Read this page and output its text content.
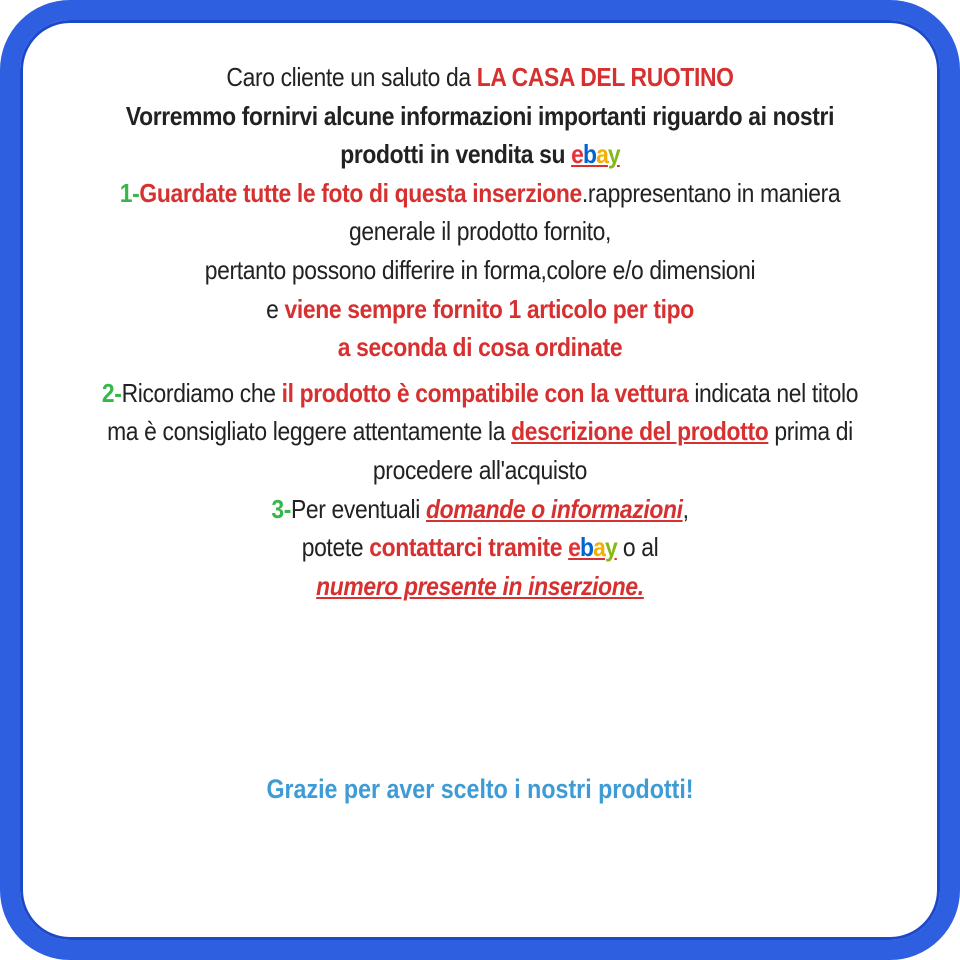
Caro cliente un saluto da LA CASA DEL RUOTINO
Vorremmo fornirvi alcune informazioni importanti riguardo ai nostri
prodotti in vendita su ebay
1-Guardate tutte le foto di questa inserzione.rappresentano in maniera
generale il prodotto fornito,
pertanto possono differire in forma,colore e/o dimensioni
e viene sempre fornito 1 articolo per tipo
a seconda di cosa ordinate
2-Ricordiamo che il prodotto è compatibile con la vettura indicata nel titolo
ma è consigliato leggere attentamente la descrizione del prodotto prima di
procedere all'acquisto
3-Per eventuali domande o informazioni,
potete contattarci tramite ebay o al
numero presente in inserzione.
Grazie per aver scelto i nostri prodotti!
